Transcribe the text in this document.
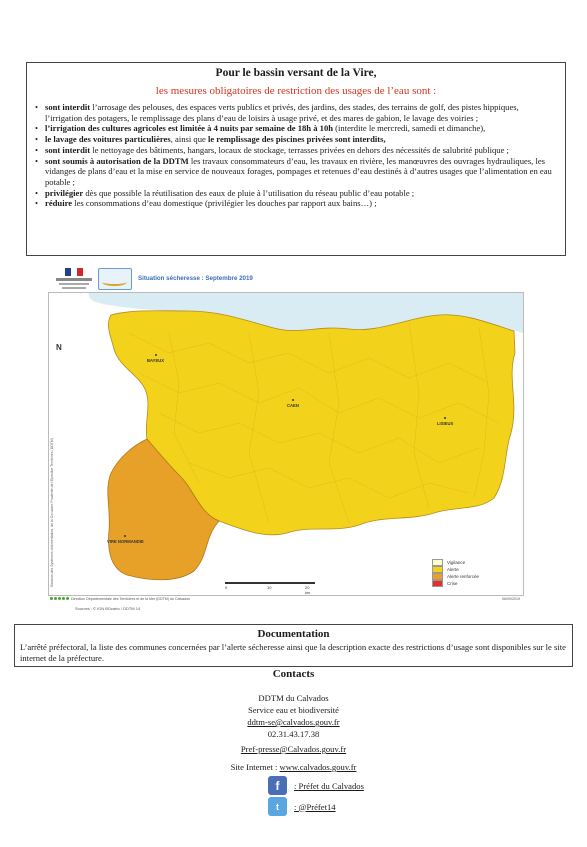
Pour le bassin versant de la Vire,
les mesures obligatoires de restriction des usages de l’eau sont :
• sont interdit l’arrosage des pelouses, des espaces verts publics et privés, des jardins, des stades, des terrains de golf, des pistes hippiques, l’irrigation des potagers, le remplissage des plans d’eau de loisirs à usage privé, et des mares de gabion, le lavage des voiries ;
• l’irrigation des cultures agricoles est limitée à 4 nuits par semaine de 18h à 10h (interdite le mercredi, samedi et dimanche),
• le lavage des voitures particulières, ainsi que le remplissage des piscines privées sont interdits,
• sont interdit le nettoyage des bâtiments, hangars, locaux de stockage, terrasses privées en dehors des nécessités de salubrité publique ;
• sont soumis à autorisation de la DDTM les travaux consommateurs d’eau, les travaux en rivière, les manœuvres des ouvrages hydrauliques, les vidanges de plans d’eau et la mise en service de nouveaux forages, pompages et retenues d’eau destinés à d’autres usages que l’alimentation en eau potable ;
• privilégier dès que possible la réutilisation des eaux de pluie à l’utilisation du réseau public d’eau potable ;
• réduire les consommations d’eau domestique (privilégier les douches par rapport aux bains…) ;
Situation sécheresse : Septembre 2019
N
Bassins des Systèmes d’alimentation, de la Circulaire Prudente de l’Eperdue Territoires (DDTM)
BAYEUX
CAEN
LISIEUX
VIRE NORMANDIE
0	10	20 km
Vigilance
Alerte
Alerte renforcée
Crise
Sources : © IGN BDcarto / DDTM 14
Direction Départementale des Territoires et de la Mer (DDTM) du Calvados	06/09/2019
Documentation

L’arrêté préfectoral, la liste des communes concernées par l’alerte sécheresse ainsi que la description exacte des restrictions d’usage sont disponibles sur le site internet de la préfecture.

Contacts
DDTM du Calvados
Service eau et biodiversité
ddtm-se@calvados.gouv.fr
02.31.43.17.38
Pref-presse@Calvados.gouv.fr
Site Internet : www.calvados.gouv.fr
f	: Préfet du Calvados
t	: @Préfet14
